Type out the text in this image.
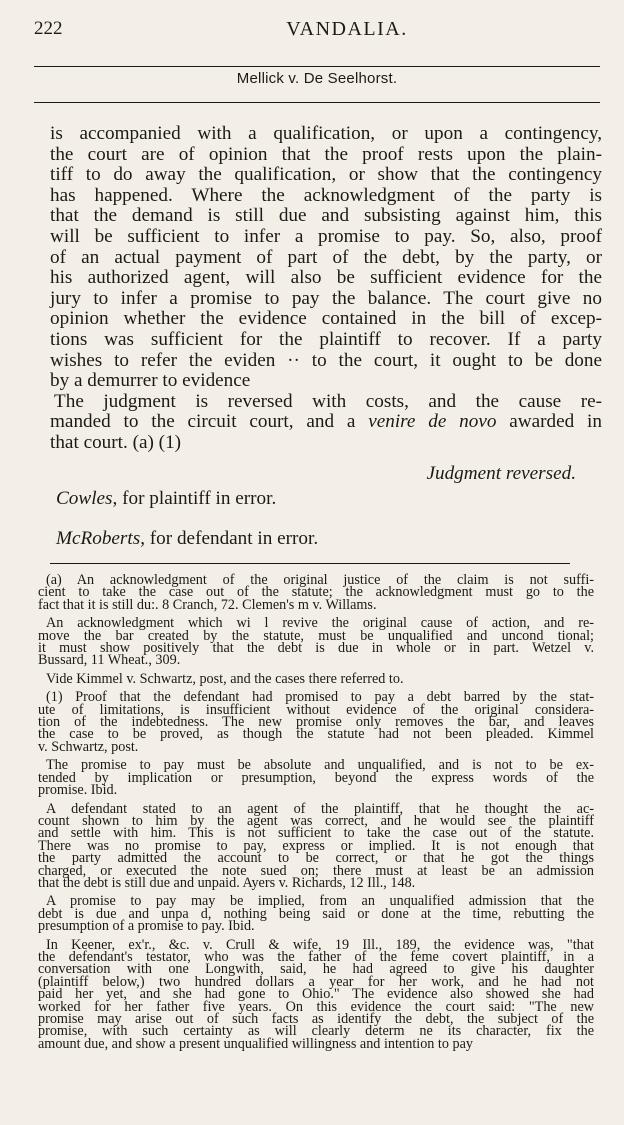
222	VANDALIA.
Mellick v. De Seelhorst.
is accompanied with a qualification, or upon a contingency,
the court are of opinion that the proof rests upon the plain-
tiff to do away the qualification, or show that the contingency
has happened. Where the acknowledgment of the party is
that the demand is still due and subsisting against him, this
will be sufficient to infer a promise to pay. So, also, proof
of an actual payment of part of the debt, by the party, or
his authorized agent, will also be sufficient evidence for the
jury to infer a promise to pay the balance. The court give no
opinion whether the evidence contained in the bill of excep-
tions was sufficient for the plaintiff to recover. If a party
wishes to refer the eviden ·· to the court, it ought to be done
by a demurrer to evidence
The judgment is reversed with costs, and the cause re-
manded to the circuit court, and a venire de novo awarded in
that court. (a) (1)
Judgment reversed.
Cowles, for plaintiff in error.
McRoberts, for defendant in error.
(a) An acknowledgment of the original justice of the claim is not suffi-
cient to take the case out of the statute; the acknowledgment must go to the
fact that it is still du:. 8 Cranch, 72. Clemen's m v. Willams.
An acknowledgment which wi l revive the original cause of action, and re-
move the bar created by the statute, must be unqualified and uncond tional;
it must show positively that the debt is due in whole or in part. Wetzel v.
Bussard, 11 Wheat., 309.
Vide Kimmel v. Schwartz, post, and the cases there referred to.
(1) Proof that the defendant had promised to pay a debt barred by the stat-
ute of limitations, is insufficient without evidence of the original considera-
tion of the indebtedness. The new promise only removes the bar, and leaves
the case to be proved, as though the statute had not been pleaded. Kimmel
v. Schwartz, post.
The promise to pay must be absolute and unqualified, and is not to be ex-
tended by implication or presumption, beyond the express words of the
promise. Ibid.
A defendant stated to an agent of the plaintiff, that he thought the ac-
count shown to him by the agent was correct, and he would see the plaintiff
and settle with him. This is not sufficient to take the case out of the statute.
There was no promise to pay, express or implied. It is not enough that
the party admitted the account to be correct, or that he got the things
charged, or executed the note sued on; there must at least be an admission
that the debt is still due and unpaid. Ayers v. Richards, 12 Ill., 148.
A promise to pay may be implied, from an unqualified admission that the
debt is due and unpa d, nothing being said or done at the time, rebutting the
presumption of a promise to pay. Ibid.
In Keener, ex'r., &c. v. Crull & wife, 19 Ill., 189, the evidence was, "that
the defendant's testator, who was the father of the feme covert plaintiff, in a
conversation with one Longwith, said, he had agreed to give his daughter
(plaintiff below,) two hundred dollars a year for her work, and he had not
paid her yet, and she had gone to Ohio." The evidence also showed she had
worked for her father five years. On this evidence the court said: "The new
promise may arise out of such facts as identify the debt, the subject of the
promise, with such certainty as will clearly determ ne its character, fix the
amount due, and show a present unqualified willingness and intention to pay
